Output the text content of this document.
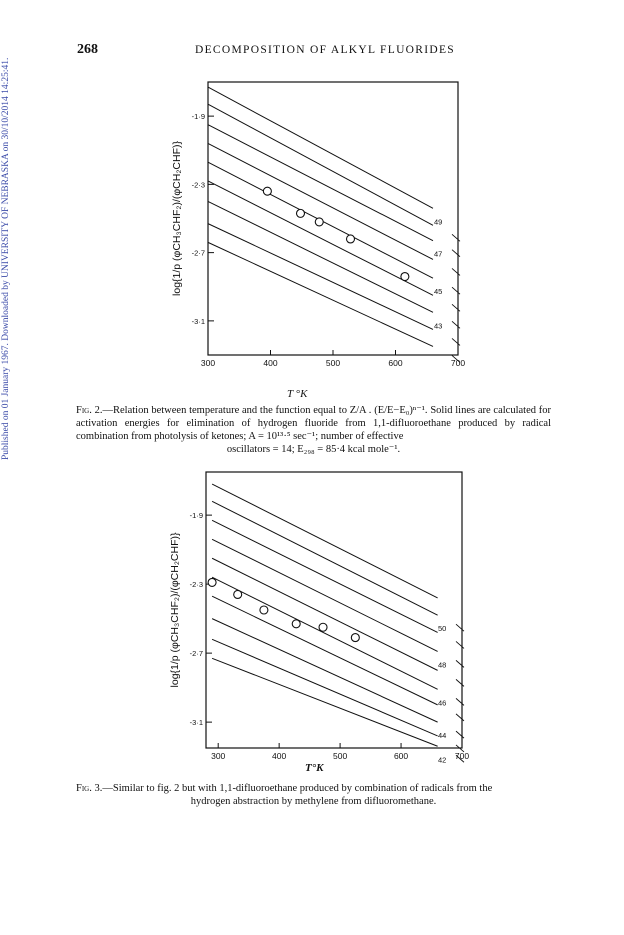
268	DECOMPOSITION OF ALKYL FLUORIDES
Published on 01 January 1967. Downloaded by UNIVERSITY OF NEBRASKA on 30/10/2014 14:25:41.	-1·9
-2·3
-2·7
-3·1
300	400	500	600	700
49
47
45
43
log{1/p (φCH₃CHF₂)/(φCH₂CHF)}
T °K
Fig. 2.—Relation between temperature and the function equal to Z/A . (E/E−E₀)ⁿ⁻¹. Solid lines are calculated for activation energies for elimination of hydrogen fluoride from 1,1-difluoroethane produced by radical combination from photolysis of ketones; A = 10¹³·⁵ sec⁻¹; number of effective
oscillators = 14; E₂₉₈ = 85·4 kcal mole⁻¹.
-1·9
-2·3
-2·7
-3·1
300	400	500	600	700
50
48
46
44
42
log{1/p (φCH₃CHF₂)/(φCH₂CHF)}
T°K
Fig. 3.—Similar to fig. 2 but with 1,1-difluoroethane produced by combination of radicals from the
hydrogen abstraction by methylene from difluoromethane.
